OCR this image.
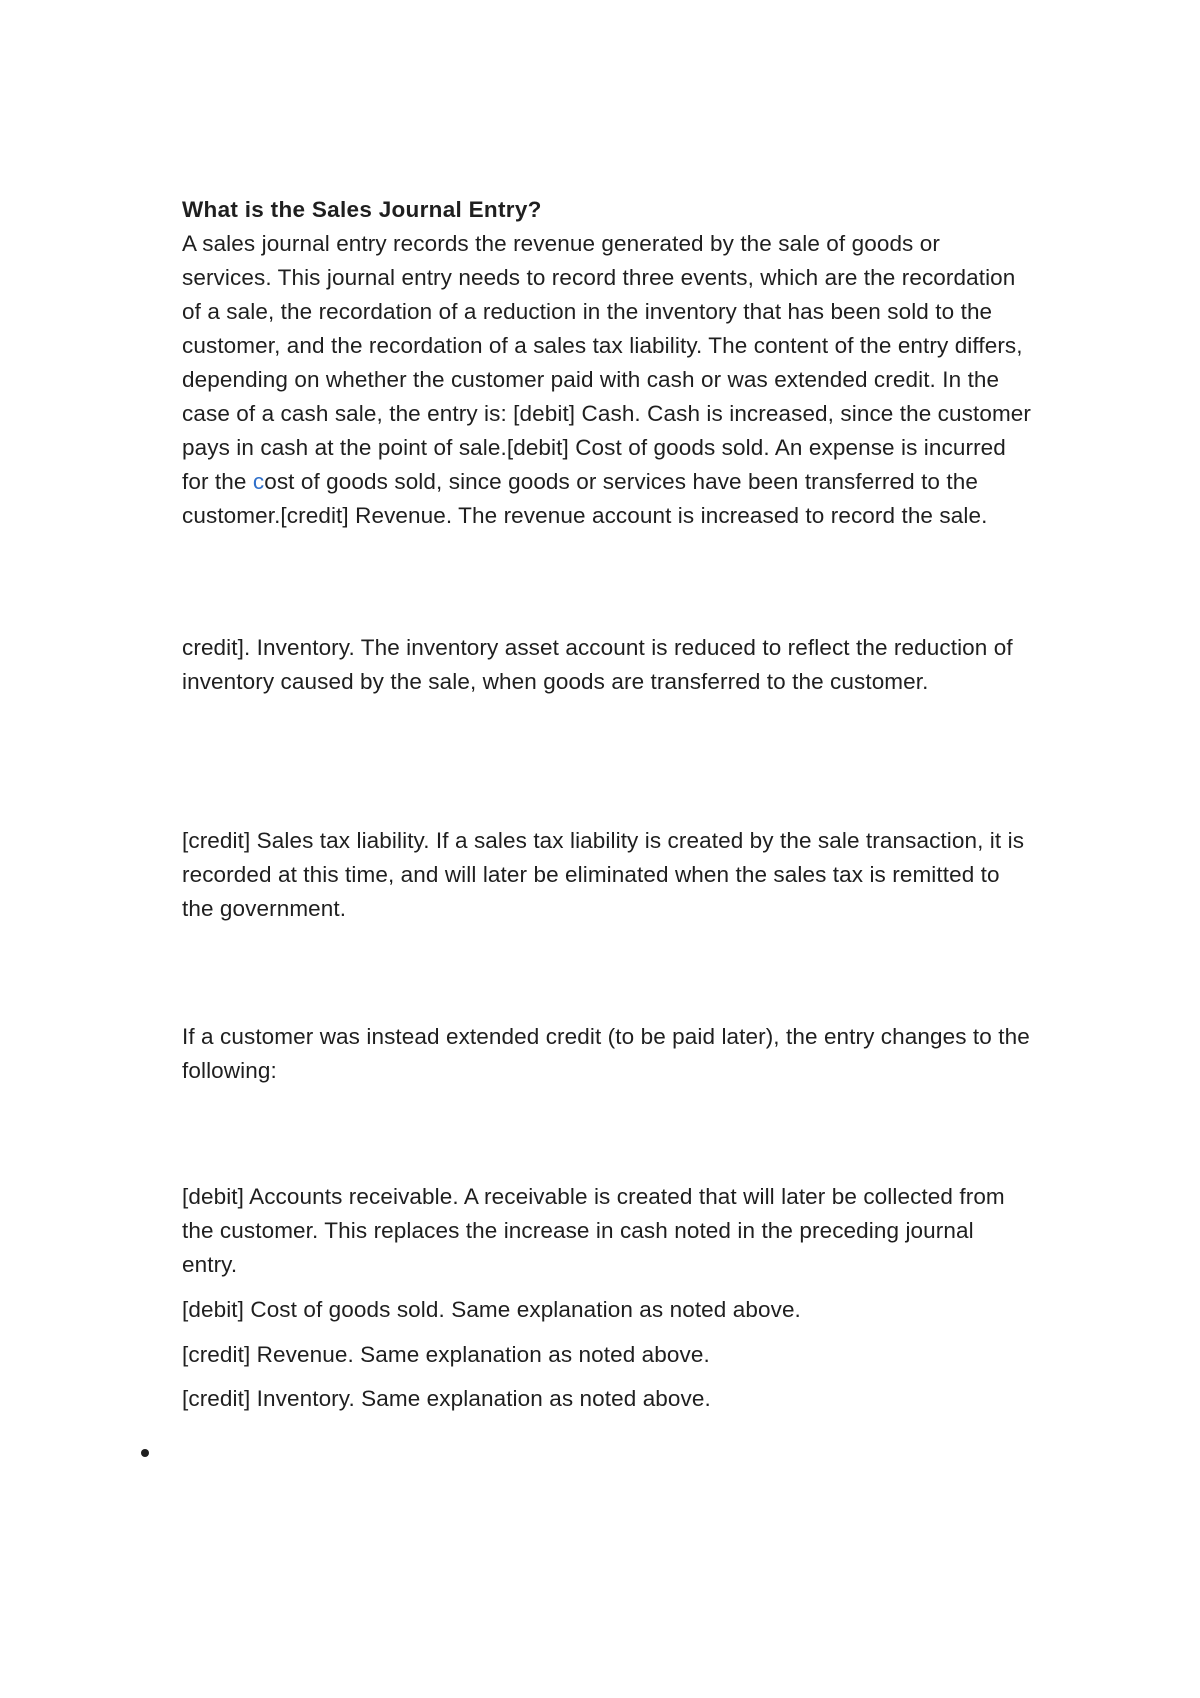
What is the Sales Journal Entry?

A sales journal entry records the revenue generated by the sale of goods or services. This journal entry needs to record three events, which are the recordation of a sale, the recordation of a reduction in the inventory that has been sold to the customer, and the recordation of a sales tax liability. The content of the entry differs, depending on whether the customer paid with cash or was extended credit. In the case of a cash sale, the entry is: [debit] Cash. Cash is increased, since the customer pays in cash at the point of sale.[debit] Cost of goods sold. An expense is incurred for the cost of goods sold, since goods or services have been transferred to the customer.[credit] Revenue. The revenue account is increased to record the sale.

credit]. Inventory. The inventory asset account is reduced to reflect the reduction of inventory caused by the sale, when goods are transferred to the customer.

[credit] Sales tax liability. If a sales tax liability is created by the sale transaction, it is recorded at this time, and will later be eliminated when the sales tax is remitted to the government.

If a customer was instead extended credit (to be paid later), the entry changes to the following:

[debit] Accounts receivable. A receivable is created that will later be collected from the customer. This replaces the increase in cash noted in the preceding journal entry.

[debit] Cost of goods sold. Same explanation as noted above.

[credit] Revenue. Same explanation as noted above.

[credit] Inventory. Same explanation as noted above.
